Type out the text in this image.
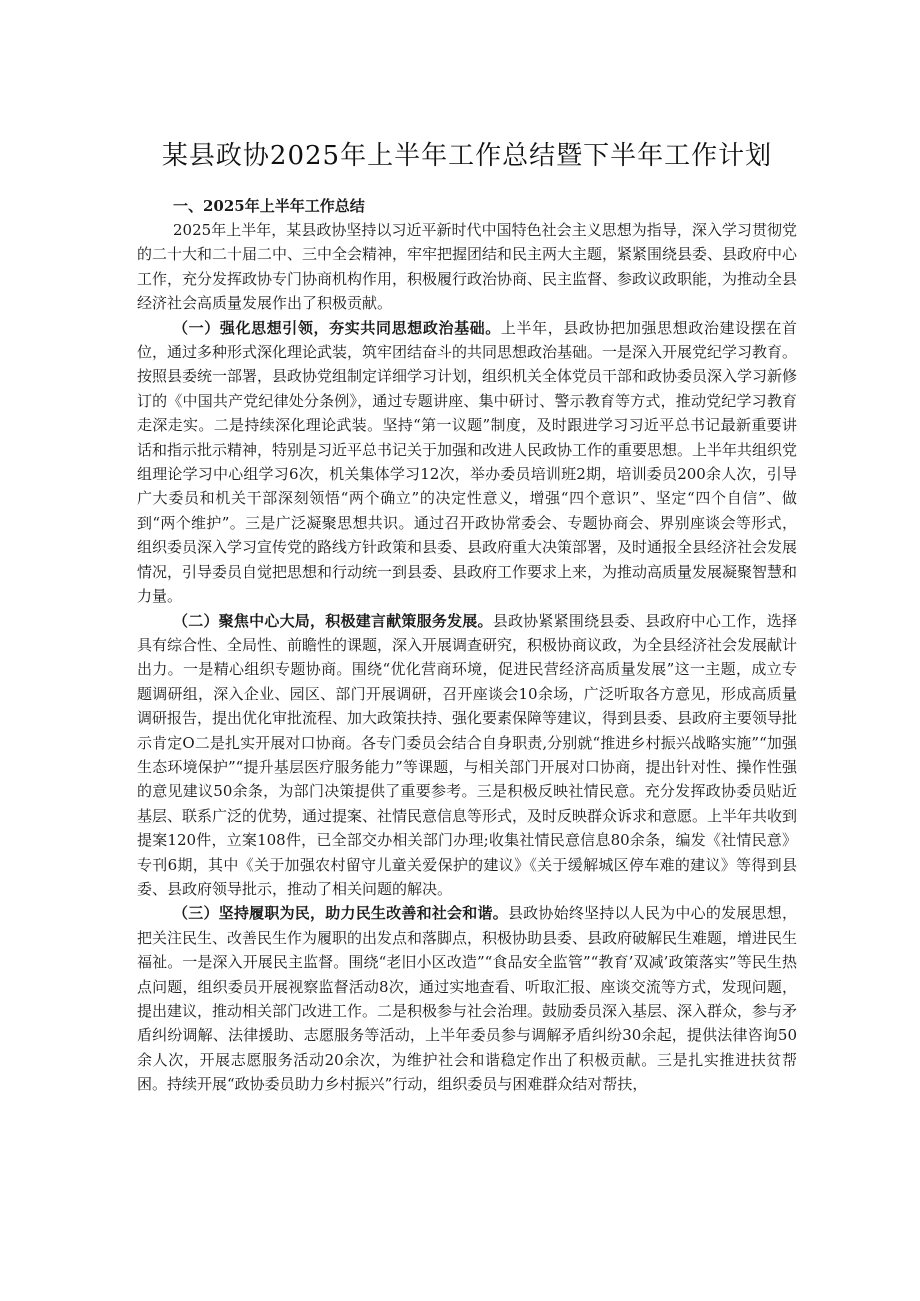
某县政协2025年上半年工作总结暨下半年工作计划
一、2025年上半年工作总结

2025年上半年，某县政协坚持以习近平新时代中国特色社会主义思想为指导，深入学习贯彻党的二十大和二十届二中、三中全会精神，牢牢把握团结和民主两大主题，紧紧围绕县委、县政府中心工作，充分发挥政协专门协商机构作用，积极履行政治协商、民主监督、参政议政职能，为推动全县经济社会高质量发展作出了积极贡献。

（一）强化思想引领，夯实共同思想政治基础。上半年，县政协把加强思想政治建设摆在首位，通过多种形式深化理论武装，筑牢团结奋斗的共同思想政治基础。一是深入开展党纪学习教育。按照县委统一部署，县政协党组制定详细学习计划，组织机关全体党员干部和政协委员深入学习新修订的《中国共产党纪律处分条例》，通过专题讲座、集中研讨、警示教育等方式，推动党纪学习教育走深走实。二是持续深化理论武装。坚持“第一议题”制度，及时跟进学习习近平总书记最新重要讲话和指示批示精神，特别是习近平总书记关于加强和改进人民政协工作的重要思想。上半年共组织党组理论学习中心组学习6次，机关集体学习12次，举办委员培训班2期，培训委员200余人次，引导广大委员和机关干部深刻领悟“两个确立”的决定性意义，增强“四个意识”、坚定“四个自信”、做到“两个维护”。三是广泛凝聚思想共识。通过召开政协常委会、专题协商会、界别座谈会等形式，组织委员深入学习宣传党的路线方针政策和县委、县政府重大决策部署，及时通报全县经济社会发展情况，引导委员自觉把思想和行动统一到县委、县政府工作要求上来，为推动高质量发展凝聚智慧和力量。

（二）聚焦中心大局，积极建言献策服务发展。县政协紧紧围绕县委、县政府中心工作，选择具有综合性、全局性、前瞻性的课题，深入开展调查研究，积极协商议政，为全县经济社会发展献计出力。一是精心组织专题协商。围绕“优化营商环境，促进民营经济高质量发展”这一主题，成立专题调研组，深入企业、园区、部门开展调研，召开座谈会10余场，广泛听取各方意见，形成高质量调研报告，提出优化审批流程、加大政策扶持、强化要素保障等建议，得到县委、县政府主要领导批示肯定O二是扎实开展对口协商。各专门委员会结合自身职责,分别就“推进乡村振兴战略实施”“加强生态环境保护”“提升基层医疗服务能力”等课题，与相关部门开展对口协商，提出针对性、操作性强的意见建议50余条，为部门决策提供了重要参考。三是积极反映社情民意。充分发挥政协委员贴近基层、联系广泛的优势，通过提案、社情民意信息等形式，及时反映群众诉求和意愿。上半年共收到提案120件，立案108件，已全部交办相关部门办理;收集社情民意信息80余条，编发《社情民意》专刊6期，其中《关于加强农村留守儿童关爱保护的建议》《关于缓解城区停车难的建议》等得到县委、县政府领导批示，推动了相关问题的解决。

（三）坚持履职为民，助力民生改善和社会和谐。县政协始终坚持以人民为中心的发展思想，把关注民生、改善民生作为履职的出发点和落脚点，积极协助县委、县政府破解民生难题，增进民生福祉。一是深入开展民主监督。围绕“老旧小区改造”“食品安全监管”“教育’双减’政策落实”等民生热点问题，组织委员开展视察监督活动8次，通过实地查看、听取汇报、座谈交流等方式，发现问题，提出建议，推动相关部门改进工作。二是积极参与社会治理。鼓励委员深入基层、深入群众，参与矛盾纠纷调解、法律援助、志愿服务等活动，上半年委员参与调解矛盾纠纷30余起，提供法律咨询50余人次，开展志愿服务活动20余次，为维护社会和谐稳定作出了积极贡献。三是扎实推进扶贫帮困。持续开展“政协委员助力乡村振兴”行动，组织委员与困难群众结对帮扶，
